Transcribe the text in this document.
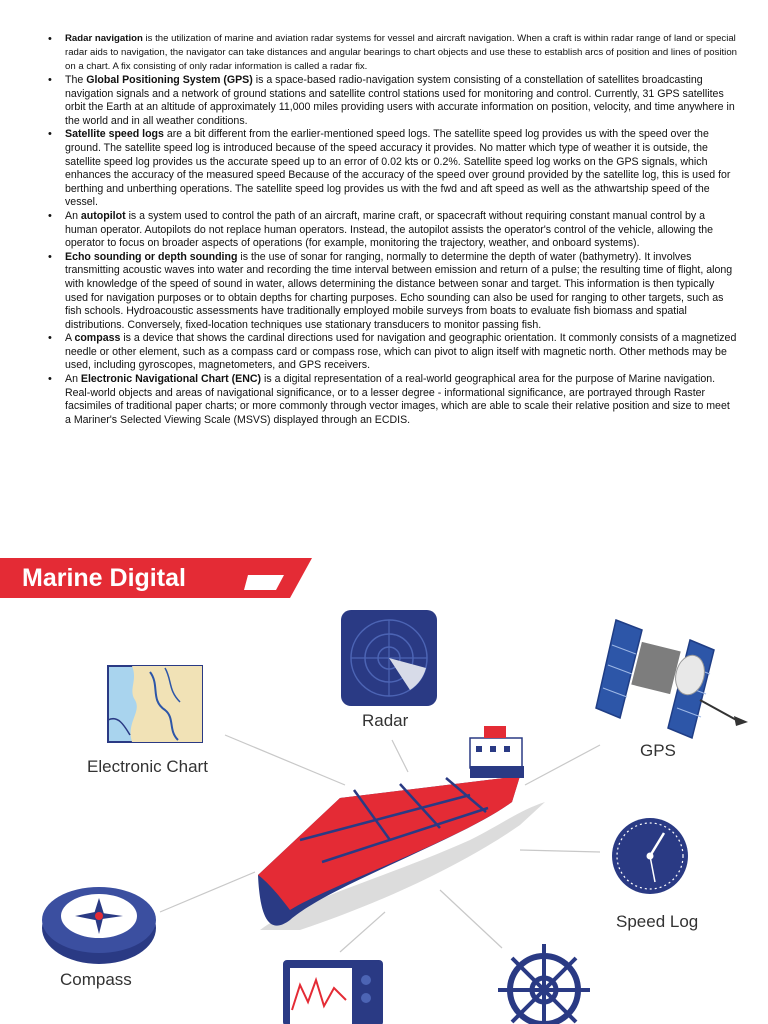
• Radar navigation is the utilization of marine and aviation radar systems for vessel and aircraft navigation. When a craft is within radar range of land or special radar aids to navigation, the navigator can take distances and angular bearings to chart objects and use these to establish arcs of position and lines of position on a chart. A fix consisting of only radar information is called a radar fix.
• The Global Positioning System (GPS) is a space-based radio-navigation system consisting of a constellation of satellites broadcasting navigation signals and a network of ground stations and satellite control stations used for monitoring and control. Currently, 31 GPS satellites orbit the Earth at an altitude of approximately 11,000 miles providing users with accurate information on position, velocity, and time anywhere in the world and in all weather conditions.
• Satellite speed logs are a bit different from the earlier-mentioned speed logs. The satellite speed log provides us with the speed over the ground. The satellite speed log is introduced because of the speed accuracy it provides. No matter which type of weather it is outside, the satellite speed log provides us the accurate speed up to an error of 0.02 kts or 0.2%. Satellite speed log works on the GPS signals, which enhances the accuracy of the measured speed Because of the accuracy of the speed over ground provided by the satellite log, this is used for berthing and unberthing operations. The satellite speed log provides us with the fwd and aft speed as well as the athwartship speed of the vessel.
• An autopilot is a system used to control the path of an aircraft, marine craft, or spacecraft without requiring constant manual control by a human operator. Autopilots do not replace human operators. Instead, the autopilot assists the operator's control of the vehicle, allowing the operator to focus on broader aspects of operations (for example, monitoring the trajectory, weather, and onboard systems).
• Echo sounding or depth sounding is the use of sonar for ranging, normally to determine the depth of water (bathymetry). It involves transmitting acoustic waves into water and recording the time interval between emission and return of a pulse; the resulting time of flight, along with knowledge of the speed of sound in water, allows determining the distance between sonar and target. This information is then typically used for navigation purposes or to obtain depths for charting purposes. Echo sounding can also be used for ranging to other targets, such as fish schools. Hydroacoustic assessments have traditionally employed mobile surveys from boats to evaluate fish biomass and spatial distributions. Conversely, fixed-location techniques use stationary transducers to monitor passing fish.
• A compass is a device that shows the cardinal directions used for navigation and geographic orientation. It commonly consists of a magnetized needle or other element, such as a compass card or compass rose, which can pivot to align itself with magnetic north. Other methods may be used, including gyroscopes, magnetometers, and GPS receivers.
• An Electronic Navigational Chart (ENC) is a digital representation of a real-world geographical area for the purpose of Marine navigation. Real-world objects and areas of navigational significance, or to a lesser degree - informational significance, are portrayed through Raster facsimiles of traditional paper charts; or more commonly through vector images, which are able to scale their relative position and size to meet a Mariner's Selected Viewing Scale (MSVS) displayed through an ECDIS.
Marine Digital
Radar
GPS
Electronic Chart
Speed Log
Compass
